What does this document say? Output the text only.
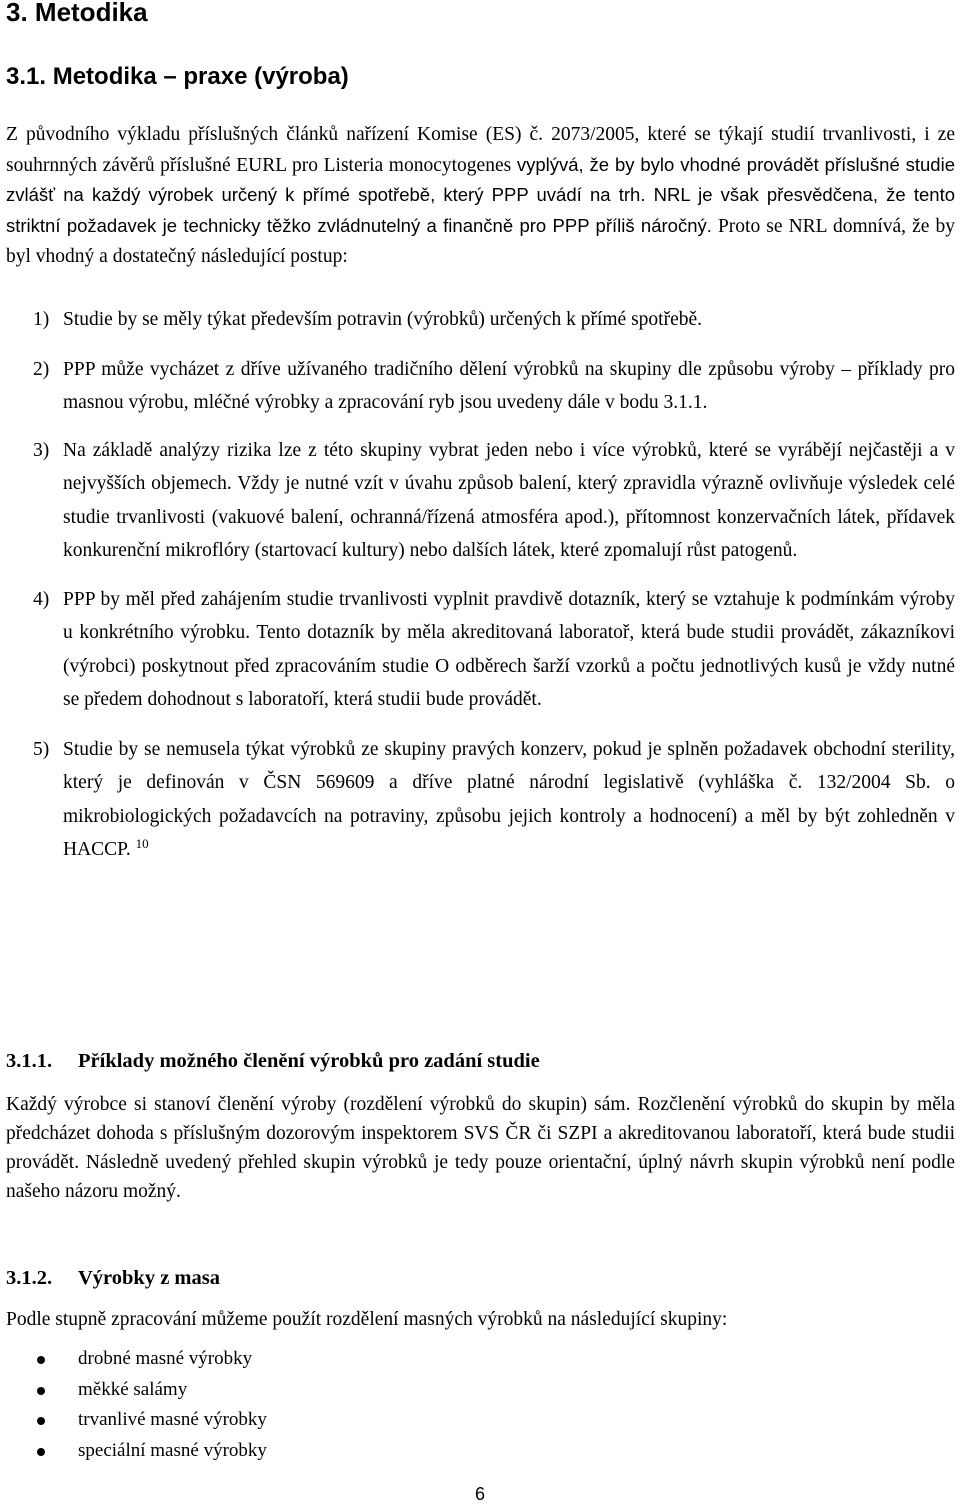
3. Metodika
3.1. Metodika – praxe (výroba)

Z původního výkladu příslušných článků nařízení Komise (ES) č. 2073/2005, které se týkají studií trvanlivosti, i ze souhrnných závěrů příslušné EURL pro Listeria monocytogenes vyplývá, že by bylo vhodné provádět příslušné studie zvlášť na každý výrobek určený k přímé spotřebě, který PPP uvádí na trh. NRL je však přesvědčena, že tento striktní požadavek je technicky těžko zvládnutelný a finančně pro PPP příliš náročný. Proto se NRL domnívá, že by byl vhodný a dostatečný následující postup:

1) Studie by se měly týkat především potravin (výrobků) určených k přímé spotřebě.
2) PPP může vycházet z dříve užívaného tradičního dělení výrobků na skupiny dle způsobu výroby – příklady pro masnou výrobu, mléčné výrobky a zpracování ryb jsou uvedeny dále v bodu 3.1.1.
3) Na základě analýzy rizika lze z této skupiny vybrat jeden nebo i více výrobků, které se vyrábějí nejčastěji a v nejvyšších objemech. Vždy je nutné vzít v úvahu způsob balení, který zpravidla výrazně ovlivňuje výsledek celé studie trvanlivosti (vakuové balení, ochranná/řízená atmosféra apod.), přítomnost konzervačních látek, přídavek konkurenční mikroflóry (startovací kultury) nebo dalších látek, které zpomalují růst patogenů.
4) PPP by měl před zahájením studie trvanlivosti vyplnit pravdivě dotazník, který se vztahuje k podmínkám výroby u konkrétního výrobku. Tento dotazník by měla akreditovaná laboratoř, která bude studii provádět, zákazníkovi (výrobci) poskytnout před zpracováním studie O odběrech šarží vzorků a počtu jednotlivých kusů je vždy nutné se předem dohodnout s laboratoří, která studii bude provádět.
5) Studie by se nemusela týkat výrobků ze skupiny pravých konzerv, pokud je splněn požadavek obchodní sterility, který je definován v ČSN 569609 a dříve platné národní legislativě (vyhláška č. 132/2004 Sb. o mikrobiologických požadavcích na potraviny, způsobu jejich kontroly a hodnocení) a měl by být zohledněn v HACCP. $^{10}$
3.1.1. Příklady možného členění výrobků pro zadání studie

Každý výrobce si stanoví členění výroby (rozdělení výrobků do skupin) sám. Rozčlenění výrobků do skupin by měla předcházet dohoda s příslušným dozorovým inspektorem SVS ČR či SZPI a akreditovanou laboratoří, která bude studii provádět. Následně uvedený přehled skupin výrobků je tedy pouze orientační, úplný návrh skupin výrobků není podle našeho názoru možný.

3.1.2. Výrobky z masa

Podle stupně zpracování můžeme použít rozdělení masných výrobků na následující skupiny:

drobné masné výrobky
měkké salámy
trvanlivé masné výrobky
speciální masné výrobky
6
